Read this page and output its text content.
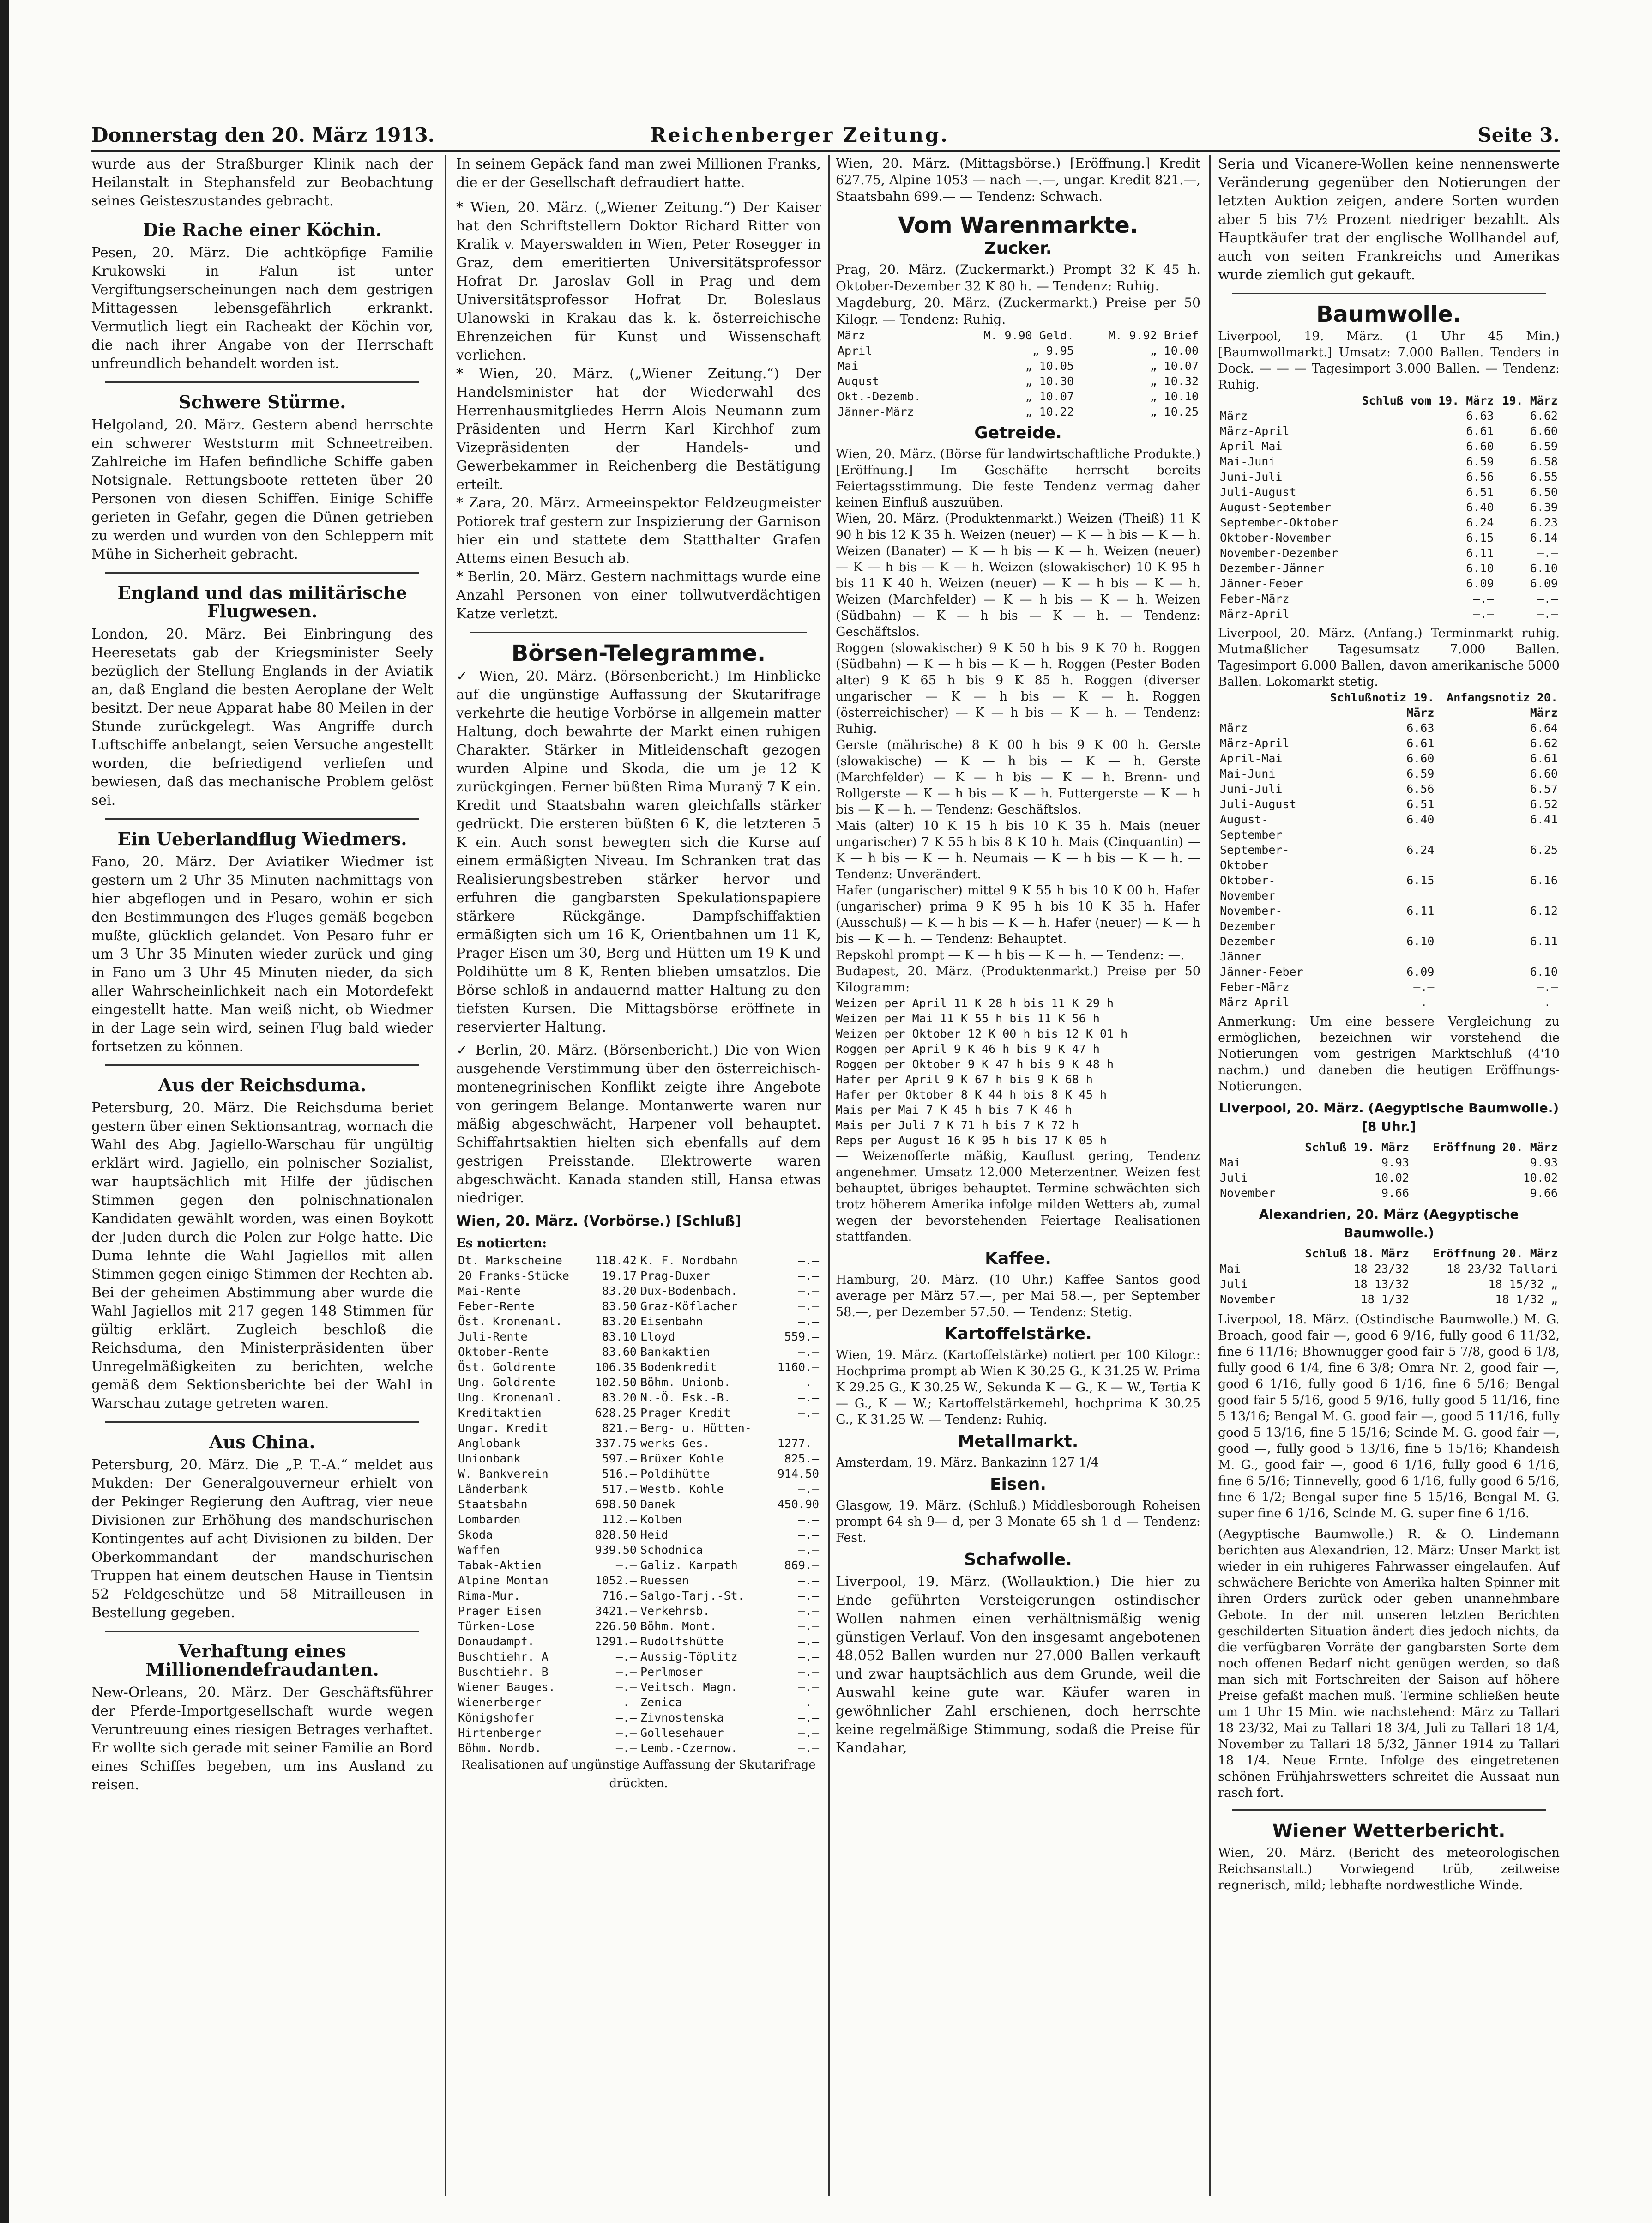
Donnerstag den 20. März 1913.	Reichenberger Zeitung.	Seite 3.

wurde aus der Straßburger Klinik nach der Heilanstalt in Stephansfeld zur Beobachtung seines Geisteszustandes gebracht.

Die Rache einer Köchin.

Pesen, 20. März. Die achtköpfige Familie Krukowski in Falun ist unter Vergiftungserscheinungen nach dem gestrigen Mittagessen lebensgefährlich erkrankt. Vermutlich liegt ein Racheakt der Köchin vor, die nach ihrer Angabe von der Herrschaft unfreundlich behandelt worden ist.

Schwere Stürme.

Helgoland, 20. März. Gestern abend herrschte ein schwerer Weststurm mit Schneetreiben. Zahlreiche im Hafen befindliche Schiffe gaben Notsignale. Rettungsboote retteten über 20 Personen von diesen Schiffen. Einige Schiffe gerieten in Gefahr, gegen die Dünen getrieben zu werden und wurden von den Schleppern mit Mühe in Sicherheit gebracht.

England und das militärische Flugwesen.

London, 20. März. Bei Einbringung des Heeresetats gab der Kriegsminister Seely bezüglich der Stellung Englands in der Aviatik an, daß England die besten Aeroplane der Welt besitzt. Der neue Apparat habe 80 Meilen in der Stunde zurückgelegt. Was Angriffe durch Luftschiffe anbelangt, seien Versuche angestellt worden, die befriedigend verliefen und bewiesen, daß das mechanische Problem gelöst sei.

Ein Ueberlandflug Wiedmers.

Fano, 20. März. Der Aviatiker Wiedmer ist gestern um 2 Uhr 35 Minuten nachmittags von hier abgeflogen und in Pesaro, wohin er sich den Bestimmungen des Fluges gemäß begeben mußte, glücklich gelandet. Von Pesaro fuhr er um 3 Uhr 35 Minuten wieder zurück und ging in Fano um 3 Uhr 45 Minuten nieder, da sich aller Wahrscheinlichkeit nach ein Motordefekt eingestellt hatte. Man weiß nicht, ob Wiedmer in der Lage sein wird, seinen Flug bald wieder fortsetzen zu können.

Aus der Reichsduma.

Petersburg, 20. März. Die Reichsduma beriet gestern über einen Sektionsantrag, wornach die Wahl des Abg. Jagiello-Warschau für ungültig erklärt wird. Jagiello, ein polnischer Sozialist, war hauptsächlich mit Hilfe der jüdischen Stimmen gegen den polnischnationalen Kandidaten gewählt worden, was einen Boykott der Juden durch die Polen zur Folge hatte. Die Duma lehnte die Wahl Jagiellos mit allen Stimmen gegen einige Stimmen der Rechten ab. Bei der geheimen Abstimmung aber wurde die Wahl Jagiellos mit 217 gegen 148 Stimmen für gültig erklärt. Zugleich beschloß die Reichsduma, den Ministerpräsidenten über Unregelmäßigkeiten zu berichten, welche gemäß dem Sektionsberichte bei der Wahl in Warschau zutage getreten waren.

Aus China.

Petersburg, 20. März. Die „P. T.-A.“ meldet aus Mukden: Der Generalgouverneur erhielt von der Pekinger Regierung den Auftrag, vier neue Divisionen zur Erhöhung des mandschurischen Kontingentes auf acht Divisionen zu bilden. Der Oberkommandant der mandschurischen Truppen hat einem deutschen Hause in Tientsin 52 Feldgeschütze und 58 Mitrailleusen in Bestellung gegeben.

Verhaftung eines Millionendefraudanten.

New-Orleans, 20. März. Der Geschäftsführer der Pferde-Importgesellschaft wurde wegen Veruntreuung eines riesigen Betrages verhaftet. Er wollte sich gerade mit seiner Familie an Bord eines Schiffes begeben, um ins Ausland zu reisen.

In seinem Gepäck fand man zwei Millionen Franks, die er der Gesellschaft defraudiert hatte.

* Wien, 20. März. („Wiener Zeitung.“) Der Kaiser hat den Schriftstellern Doktor Richard Ritter von Kralik v. Mayerswalden in Wien, Peter Rosegger in Graz, dem emeritierten Universitätsprofessor Hofrat Dr. Jaroslav Goll in Prag und dem Universitätsprofessor Hofrat Dr. Boleslaus Ulanowski in Krakau das k. k. österreichische Ehrenzeichen für Kunst und Wissenschaft verliehen.

* Wien, 20. März. („Wiener Zeitung.“) Der Handelsminister hat der Wiederwahl des Herrenhausmitgliedes Herrn Alois Neumann zum Präsidenten und Herrn Karl Kirchhof zum Vizepräsidenten der Handels- und Gewerbekammer in Reichenberg die Bestätigung erteilt.

* Zara, 20. März. Armeeinspektor Feldzeugmeister Potiorek traf gestern zur Inspizierung der Garnison hier ein und stattete dem Statthalter Grafen Attems einen Besuch ab.

* Berlin, 20. März. Gestern nachmittags wurde eine Anzahl Personen von einer tollwutverdächtigen Katze verletzt.

Börsen-Telegramme.

✓ Wien, 20. März. (Börsenbericht.) Im Hinblicke auf die ungünstige Auffassung der Skutarifrage verkehrte die heutige Vorbörse in allgemein matter Haltung, doch bewahrte der Markt einen ruhigen Charakter. Stärker in Mitleidenschaft gezogen wurden Alpine und Skoda, die um je 12 K zurückgingen. Ferner büßten Rima Muranÿ 7 K ein. Kredit und Staatsbahn waren gleichfalls stärker gedrückt. Die ersteren büßten 6 K, die letzteren 5 K ein. Auch sonst bewegten sich die Kurse auf einem ermäßigten Niveau. Im Schranken trat das Realisierungsbestreben stärker hervor und erfuhren die gangbarsten Spekulationspapiere stärkere Rückgänge. Dampfschiffaktien ermäßigten sich um 16 K, Orientbahnen um 11 K, Prager Eisen um 30, Berg und Hütten um 19 K und Poldihütte um 8 K, Renten blieben umsatzlos. Die Börse schloß in andauernd matter Haltung zu den tiefsten Kursen. Die Mittagsbörse eröffnete in reservierter Haltung.

✓ Berlin, 20. März. (Börsenbericht.) Die von Wien ausgehende Verstimmung über den österreichisch-montenegrinischen Konflikt zeigte ihre Angebote von geringem Belange. Montanwerte waren nur mäßig abgeschwächt, Harpener voll behauptet. Schiffahrtsaktien hielten sich ebenfalls auf dem gestrigen Preisstande. Elektrowerte waren abgeschwächt. Kanada standen still, Hansa etwas niedriger.

Wien, 20. März. (Vorbörse.) [Schluß]
Es notierten:
Dt. Markscheine	118.42	K. F. Nordbahn	—.—
20 Franks-Stücke	19.17	Prag-Duxer	—.—
Mai-Rente	83.20	Dux-Bodenbach.	—.—
Feber-Rente	83.50	Graz-Köflacher	—.—
Öst. Kronenanl.	83.20	Eisenbahn	—.—
Juli-Rente	83.10	Lloyd	559.—
Oktober-Rente	83.60	Bankaktien	—.—
Öst. Goldrente	106.35	Bodenkredit	1160.—
Ung. Goldrente	102.50	Böhm. Unionb.	—.—
Ung. Kronenanl.	83.20	N.-Ö. Esk.-B.	—.—
Kreditaktien	628.25	Prager Kredit	—.—
Ungar. Kredit	821.—	Berg- u. Hütten-	
Anglobank	337.75	werks-Ges.	1277.—
Unionbank	597.—	Brüxer Kohle	825.—
W. Bankverein	516.—	Poldihütte	914.50
Länderbank	517.—	Westb. Kohle	—.—
Staatsbahn	698.50	Danek	450.90
Lombarden	112.—	Kolben	—.—
Skoda	828.50	Heid	—.—
Waffen	939.50	Schodnica	—.—
Tabak-Aktien	—.—	Galiz. Karpath	869.—
Alpine Montan	1052.—	Ruessen	—.—
Rima-Mur.	716.—	Salgo-Tarj.-St.	—.—
Prager Eisen	3421.—	Verkehrsb.	—.—
Türken-Lose	226.50	Böhm. Mont.	—.—
Donaudampf.	1291.—	Rudolfshütte	—.—
Buschtiehr. A	—.—	Aussig-Töplitz	—.—
Buschtiehr. B	—.—	Perlmoser	—.—
Wiener Bauges.	—.—	Veitsch. Magn.	—.—
Wienerberger	—.—	Zenica	—.—
Königshofer	—.—	Zivnostenska	—.—
Hirtenberger	—.—	Gollesehauer	—.—
Böhm. Nordb.	—.—	Lemb.-Czernow.	—.—

Realisationen auf ungünstige Auffassung der Skutarifrage drückten.

Wien, 20. März. (Mittagsbörse.) [Eröffnung.] Kredit 627.75, Alpine 1053 — nach —.—, ungar. Kredit 821.—, Staatsbahn 699.— — Tendenz: Schwach.

Vom Warenmarkte.
Zucker.

Prag, 20. März. (Zuckermarkt.) Prompt 32 K 45 h. Oktober-Dezember 32 K 80 h. — Tendenz: Ruhig.

Magdeburg, 20. März. (Zuckermarkt.) Preise per 50 Kilogr. — Tendenz: Ruhig.

März	M. 9.90 Geld.	M. 9.92 Brief
April	„ 9.95	„ 10.00
Mai	„ 10.05	„ 10.07
August	„ 10.30	„ 10.32
Okt.-Dezemb.	„ 10.07	„ 10.10
Jänner-März	„ 10.22	„ 10.25
Getreide.

Wien, 20. März. (Börse für landwirtschaftliche Produkte.) [Eröffnung.] Im Geschäfte herrscht bereits Feiertagsstimmung. Die feste Tendenz vermag daher keinen Einfluß auszuüben.

Wien, 20. März. (Produktenmarkt.) Weizen (Theiß) 11 K 90 h bis 12 K 35 h. Weizen (neuer) — K — h bis — K — h. Weizen (Banater) — K — h bis — K — h. Weizen (neuer) — K — h bis — K — h. Weizen (slowakischer) 10 K 95 h bis 11 K 40 h. Weizen (neuer) — K — h bis — K — h. Weizen (Marchfelder) — K — h bis — K — h. Weizen (Südbahn) — K — h bis — K — h. — Tendenz: Geschäftslos.

Roggen (slowakischer) 9 K 50 h bis 9 K 70 h. Roggen (Südbahn) — K — h bis — K — h. Roggen (Pester Boden alter) 9 K 65 h bis 9 K 85 h. Roggen (diverser ungarischer — K — h bis — K — h. Roggen (österreichischer) — K — h bis — K — h. — Tendenz: Ruhig.

Gerste (mährische) 8 K 00 h bis 9 K 00 h. Gerste (slowakische) — K — h bis — K — h. Gerste (Marchfelder) — K — h bis — K — h. Brenn- und Rollgerste — K — h bis — K — h. Futtergerste — K — h bis — K — h. — Tendenz: Geschäftslos.

Mais (alter) 10 K 15 h bis 10 K 35 h. Mais (neuer ungarischer) 7 K 55 h bis 8 K 10 h. Mais (Cinquantin) — K — h bis — K — h. Neumais — K — h bis — K — h. — Tendenz: Unverändert.

Hafer (ungarischer) mittel 9 K 55 h bis 10 K 00 h. Hafer (ungarischer) prima 9 K 95 h bis 10 K 35 h. Hafer (Ausschuß) — K — h bis — K — h. Hafer (neuer) — K — h bis — K — h. — Tendenz: Behauptet.

Repskohl prompt — K — h bis — K — h. — Tendenz: —.

Budapest, 20. März. (Produktenmarkt.) Preise per 50 Kilogramm:

Weizen per April 11 K 28 h bis 11 K 29 h
Weizen per Mai 11 K 55 h bis 11 K 56 h
Weizen per Oktober 12 K 00 h bis 12 K 01 h
Roggen per April 9 K 46 h bis 9 K 47 h
Roggen per Oktober 9 K 47 h bis 9 K 48 h
Hafer per April 9 K 67 h bis 9 K 68 h
Hafer per Oktober 8 K 44 h bis 8 K 45 h
Mais per Mai 7 K 45 h bis 7 K 46 h
Mais per Juli 7 K 71 h bis 7 K 72 h
Reps per August 16 K 95 h bis 17 K 05 h

— Weizenofferte mäßig, Kauflust gering, Tendenz angenehmer. Umsatz 12.000 Meterzentner. Weizen fest behauptet, übriges behauptet. Termine schwächten sich trotz höherem Amerika infolge milden Wetters ab, zumal wegen der bevorstehenden Feiertage Realisationen stattfanden.

Kaffee.

Hamburg, 20. März. (10 Uhr.) Kaffee Santos good average per März 57.—, per Mai 58.—, per September 58.—, per Dezember 57.50. — Tendenz: Stetig.

Kartoffelstärke.

Wien, 19. März. (Kartoffelstärke) notiert per 100 Kilogr.: Hochprima prompt ab Wien K 30.25 G., K 31.25 W. Prima K 29.25 G., K 30.25 W., Sekunda K — G., K — W., Tertia K — G., K — W.; Kartoffelstärkemehl, hochprima K 30.25 G., K 31.25 W. — Tendenz: Ruhig.

Metallmarkt.

Amsterdam, 19. März. Bankazinn 127 1/4

Eisen.

Glasgow, 19. März. (Schluß.) Middlesborough Roheisen prompt 64 sh 9— d, per 3 Monate 65 sh 1 d — Tendenz: Fest.

Schafwolle.

Liverpool, 19. März. (Wollauktion.) Die hier zu Ende geführten Versteigerungen ostindischer Wollen nahmen einen verhältnismäßig wenig günstigen Verlauf. Von den insgesamt angebotenen 48.052 Ballen wurden nur 27.000 Ballen verkauft und zwar hauptsächlich aus dem Grunde, weil die Auswahl keine gute war. Käufer waren in gewöhnlicher Zahl erschienen, doch herrschte keine regelmäßige Stimmung, sodaß die Preise für Kandahar,

Seria und Vicanere-Wollen keine nennenswerte Veränderung gegenüber den Notierungen der letzten Auktion zeigen, andere Sorten wurden aber 5 bis 7½ Prozent niedriger bezahlt. Als Hauptkäufer trat der englische Wollhandel auf, auch von seiten Frankreichs und Amerikas wurde ziemlich gut gekauft.

Baumwolle.

Liverpool, 19. März. (1 Uhr 45 Min.) [Baumwollmarkt.] Umsatz: 7.000 Ballen. Tenders in Dock. — — — Tagesimport 3.000 Ballen. — Tendenz: Ruhig.

	Schluß vom 19. März	19. März
März	6.63	6.62
März-April	6.61	6.60
April-Mai	6.60	6.59
Mai-Juni	6.59	6.58
Juni-Juli	6.56	6.55
Juli-August	6.51	6.50
August-September	6.40	6.39
September-Oktober	6.24	6.23
Oktober-November	6.15	6.14
November-Dezember	6.11	—.—
Dezember-Jänner	6.10	6.10
Jänner-Feber	6.09	6.09
Feber-März	—.—	—.—
März-April	—.—	—.—

Liverpool, 20. März. (Anfang.) Terminmarkt ruhig. Mutmaßlicher Tagesumsatz 7.000 Ballen. Tagesimport 6.000 Ballen, davon amerikanische 5000 Ballen. Lokomarkt stetig.

	Schlußnotiz 19. März	Anfangsnotiz 20. März
März	6.63	6.64
März-April	6.61	6.62
April-Mai	6.60	6.61
Mai-Juni	6.59	6.60
Juni-Juli	6.56	6.57
Juli-August	6.51	6.52
August-September	6.40	6.41
September-Oktober	6.24	6.25
Oktober-November	6.15	6.16
November-Dezember	6.11	6.12
Dezember-Jänner	6.10	6.11
Jänner-Feber	6.09	6.10
Feber-März	—.—	—.—
März-April	—.—	—.—

Anmerkung: Um eine bessere Vergleichung zu ermöglichen, bezeichnen wir vorstehend die Notierungen vom gestrigen Marktschluß (4'10 nachm.) und daneben die heutigen Eröffnungs-Notierungen.

Liverpool, 20. März. (Aegyptische Baumwolle.) [8 Uhr.]
	Schluß 19. März	Eröffnung 20. März
Mai	9.93	9.93
Juli	10.02	10.02
November	9.66	9.66
Alexandrien, 20. März (Aegyptische Baumwolle.)
	Schluß 18. März	Eröffnung 20. März
Mai	18 23/32	18 23/32 Tallari
Juli	18 13/32	18 15/32 „
November	18 1/32	18 1/32 „

Liverpool, 18. März. (Ostindische Baumwolle.) M. G. Broach, good fair —, good 6 9/16, fully good 6 11/32, fine 6 11/16; Bhownugger good fair 5 7/8, good 6 1/8, fully good 6 1/4, fine 6 3/8; Omra Nr. 2, good fair —, good 6 1/16, fully good 6 1/16, fine 6 5/16; Bengal good fair 5 5/16, good 5 9/16, fully good 5 11/16, fine 5 13/16; Bengal M. G. good fair —, good 5 11/16, fully good 5 13/16, fine 5 15/16; Scinde M. G. good fair —, good —, fully good 5 13/16, fine 5 15/16; Khandeish M. G., good fair —, good 6 1/16, fully good 6 1/16, fine 6 5/16; Tinnevelly, good 6 1/16, fully good 6 5/16, fine 6 1/2; Bengal super fine 5 15/16, Bengal M. G. super fine 6 1/16, Scinde M. G. super fine 6 1/16.

(Aegyptische Baumwolle.) R. & O. Lindemann berichten aus Alexandrien, 12. März: Unser Markt ist wieder in ein ruhigeres Fahrwasser eingelaufen. Auf schwächere Berichte von Amerika halten Spinner mit ihren Orders zurück oder geben unannehmbare Gebote. In der mit unseren letzten Berichten geschilderten Situation ändert dies jedoch nichts, da die verfügbaren Vorräte der gangbarsten Sorte dem noch offenen Bedarf nicht genügen werden, so daß man sich mit Fortschreiten der Saison auf höhere Preise gefaßt machen muß. Termine schließen heute um 1 Uhr 15 Min. wie nachstehend: März zu Tallari 18 23/32, Mai zu Tallari 18 3/4, Juli zu Tallari 18 1/4, November zu Tallari 18 5/32, Jänner 1914 zu Tallari 18 1/4. Neue Ernte. Infolge des eingetretenen schönen Frühjahrswetters schreitet die Aussaat nun rasch fort.

Wiener Wetterbericht.

Wien, 20. März. (Bericht des meteorologischen Reichsanstalt.) Vorwiegend trüb, zeitweise regnerisch, mild; lebhafte nordwestliche Winde.
